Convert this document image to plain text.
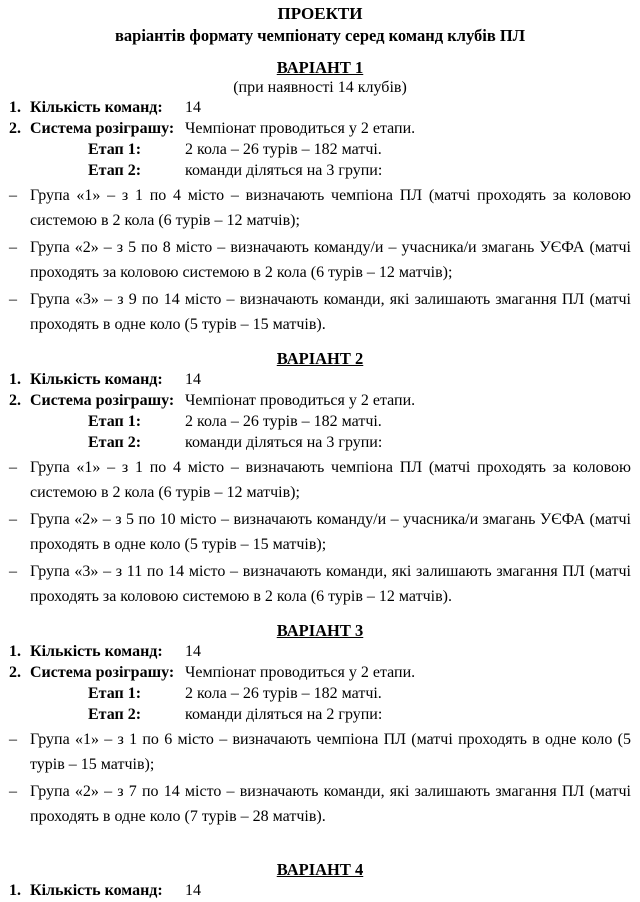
ПРОЕКТИ
варіантів формату чемпіонату серед команд клубів ПЛ
ВАРІАНТ 1
(при наявності 14 клубів)
1. Кількість команд:	14
2. Система розіграшу: Чемпіонат проводиться у 2 етапи.
Етап 1:	2 кола – 26 турів – 182 матчі.
Етап 2:	команди діляться на 3 групи:
– Група «1» – з 1 по 4 місто – визначають чемпіона ПЛ (матчі проходять за коловою системою в 2 кола (6 турів – 12 матчів);
– Група «2» – з 5 по 8 місто – визначають команду/и – учасника/и змагань УЄФА (матчі проходять за коловою системою в 2 кола (6 турів – 12 матчів);
– Група «3» – з 9 по 14 місто – визначають команди, які залишають змагання ПЛ (матчі проходять в одне коло (5 турів – 15 матчів).
ВАРІАНТ 2
1. Кількість команд:	14
2. Система розіграшу: Чемпіонат проводиться у 2 етапи.
Етап 1:	2 кола – 26 турів – 182 матчі.
Етап 2:	команди діляться на 3 групи:
– Група «1» – з 1 по 4 місто – визначають чемпіона ПЛ (матчі проходять за коловою системою в 2 кола (6 турів – 12 матчів);
– Група «2» – з 5 по 10 місто – визначають команду/и – учасника/и змагань УЄФА (матчі проходять в одне коло (5 турів – 15 матчів);
– Група «3» – з 11 по 14 місто – визначають команди, які залишають змагання ПЛ (матчі проходять за коловою системою в 2 кола (6 турів – 12 матчів).
ВАРІАНТ 3
1. Кількість команд:	14
2. Система розіграшу: Чемпіонат проводиться у 2 етапи.
Етап 1:	2 кола – 26 турів – 182 матчі.
Етап 2:	команди діляться на 2 групи:
– Група «1» – з 1 по 6 місто – визначають чемпіона ПЛ (матчі проходять в одне коло (5 турів – 15 матчів);
– Група «2» – з 7 по 14 місто – визначають команди, які залишають змагання ПЛ (матчі проходять в одне коло (7 турів – 28 матчів).
ВАРІАНТ 4
1. Кількість команд:	14
